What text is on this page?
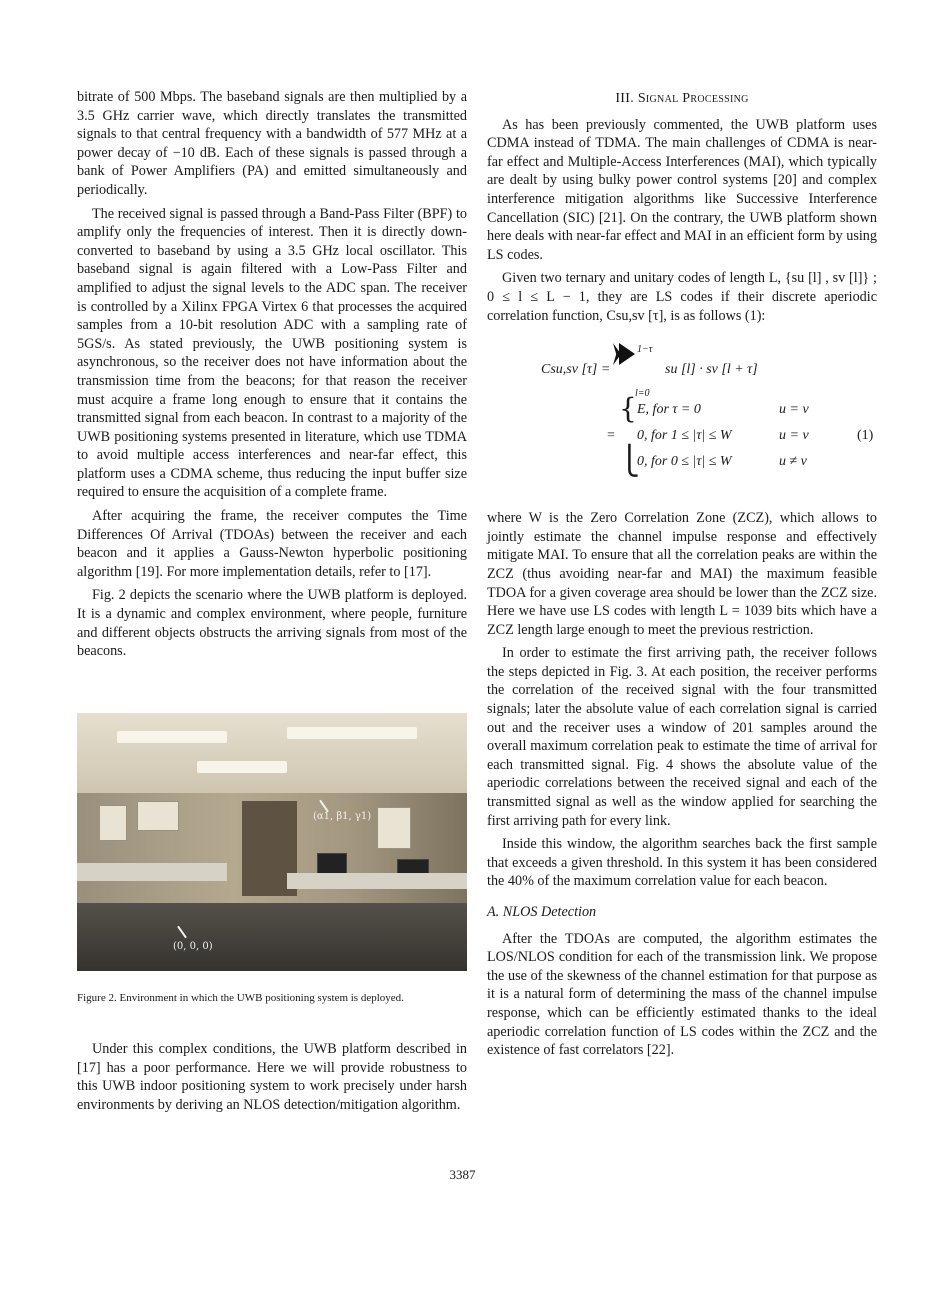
bitrate of 500 Mbps. The baseband signals are then multiplied by a 3.5 GHz carrier wave, which directly translates the transmitted signals to that central frequency with a bandwidth of 577 MHz at a power decay of −10 dB. Each of these signals is passed through a bank of Power Amplifiers (PA) and emitted simultaneously and periodically.

The received signal is passed through a Band-Pass Filter (BPF) to amplify only the frequencies of interest. Then it is directly down-converted to baseband by using a 3.5 GHz local oscillator. This baseband signal is again filtered with a Low-Pass Filter and amplified to adjust the signal levels to the ADC span. The receiver is controlled by a Xilinx FPGA Virtex 6 that processes the acquired samples from a 10-bit resolution ADC with a sampling rate of 5GS/s. As stated previously, the UWB positioning system is asynchronous, so the receiver does not have information about the transmission time from the beacons; for that reason the receiver must acquire a frame long enough to ensure that it contains the transmitted signal from each beacon. In contrast to a majority of the UWB positioning systems presented in literature, which use TDMA to avoid multiple access interferences and near-far effect, this platform uses a CDMA scheme, thus reducing the input buffer size required to ensure the acquisition of a complete frame.

After acquiring the frame, the receiver computes the Time Differences Of Arrival (TDOAs) between the receiver and each beacon and it applies a Gauss-Newton hyperbolic positioning algorithm [19]. For more implementation details, refer to [17].

Fig. 2 depicts the scenario where the UWB platform is deployed. It is a dynamic and complex environment, where people, furniture and different objects obstructs the arriving signals from most of the beacons.

(α1, β1, γ1)
(0, 0, 0)
Figure 2. Environment in which the UWB positioning system is deployed.

Under this complex conditions, the UWB platform described in [17] has a poor performance. Here we will provide robustness to this UWB indoor positioning system to work precisely under harsh environments by deriving an NLOS detection/mitigation algorithm.

III. Signal Processing

As has been previously commented, the UWB platform uses CDMA instead of TDMA. The main challenges of CDMA is near-far effect and Multiple-Access Interferences (MAI), which typically are dealt by using bulky power control systems [20] and complex interference mitigation algorithms like Successive Interference Cancellation (SIC) [21]. On the contrary, the UWB platform shown here deals with near-far effect and MAI in an efficient form by using LS codes.

Given two ternary and unitary codes of length L, {su [l] , sv [l]} ; 0 ≤ l ≤ L − 1, they are LS codes if their discrete aperiodic correlation function, Csu,sv [τ], is as follows (1):

1−τ
Csu,sv [τ] =	su [l] · sv [l + τ]
l=0
{ E, for τ = 0	u = v
= 0, for 1 ≤ |τ| ≤ W	u = v	(1)
⎩
0, for 0 ≤ |τ| ≤ W	u ≠ v

where W is the Zero Correlation Zone (ZCZ), which allows to jointly estimate the channel impulse response and effectively mitigate MAI. To ensure that all the correlation peaks are within the ZCZ (thus avoiding near-far and MAI) the maximum feasible TDOA for a given coverage area should be lower than the ZCZ size. Here we have use LS codes with length L = 1039 bits which have a ZCZ length large enough to meet the previous restriction.

In order to estimate the first arriving path, the receiver follows the steps depicted in Fig. 3. At each position, the receiver performs the correlation of the received signal with the four transmitted signals; later the absolute value of each correlation signal is carried out and the receiver uses a window of 201 samples around the overall maximum correlation peak to estimate the time of arrival for each transmitted signal. Fig. 4 shows the absolute value of the aperiodic correlations between the received signal and each of the transmitted signal as well as the window applied for searching the first arriving path for every link.

Inside this window, the algorithm searches back the first sample that exceeds a given threshold. In this system it has been considered the 40% of the maximum correlation value for each beacon.

A. NLOS Detection

After the TDOAs are computed, the algorithm estimates the LOS/NLOS condition for each of the transmission link. We propose the use of the skewness of the channel estimation for that purpose as it is a natural form of determining the mass of the channel impulse response, which can be efficiently estimated thanks to the ideal aperiodic correlation function of LS codes within the ZCZ and the existence of fast correlators [22].

3387
